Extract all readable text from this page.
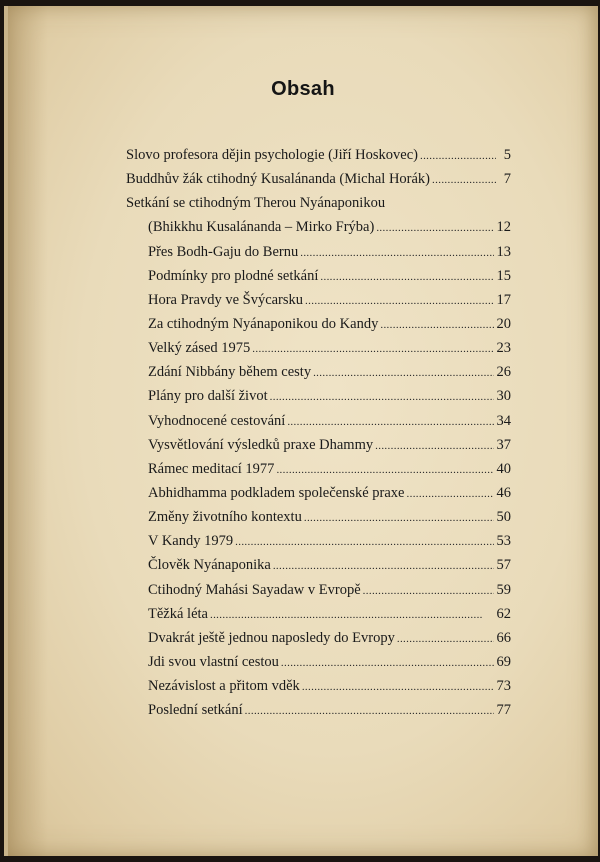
Obsah
Slovo profesora dějin psychologie (Jiří Hoskovec) . . .	5
Buddhův žák ctihodný Kusalánanda (Michal Horák) . . .	7
Setkání se ctihodným Therou Nyánaponikou
(Bhikkhu Kusalánanda – Mirko Frýba) . . .	12
Přes Bodh-Gaju do Bernu . . .	13
Podmínky pro plodné setkání . . .	15
Hora Pravdy ve Švýcarsku . . .	17
Za ctihodným Nyánaponikou do Kandy . . .	20
Velký zásed 1975 . . .	23
Zdání Nibbány během cesty . . .	26
Plány pro další život . . .	30
Vyhodnocené cestování . . .	34
Vysvětlování výsledků praxe Dhammy . . .	37
Rámec meditací 1977 . . .	40
Abhidhamma podkladem společenské praxe . . .	46
Změny životního kontextu . . .	50
V Kandy 1979 . . .	53
Člověk Nyánaponika . . .	57
Ctihodný Mahási Sayadaw v Evropě . . .	59
Těžká léta . . .	62
Dvakrát ještě jednou naposledy do Evropy . . .	66
Jdi svou vlastní cestou . . .	69
Nezávislost a přitom vděk . . .	73
Poslední setkání . . .	77
